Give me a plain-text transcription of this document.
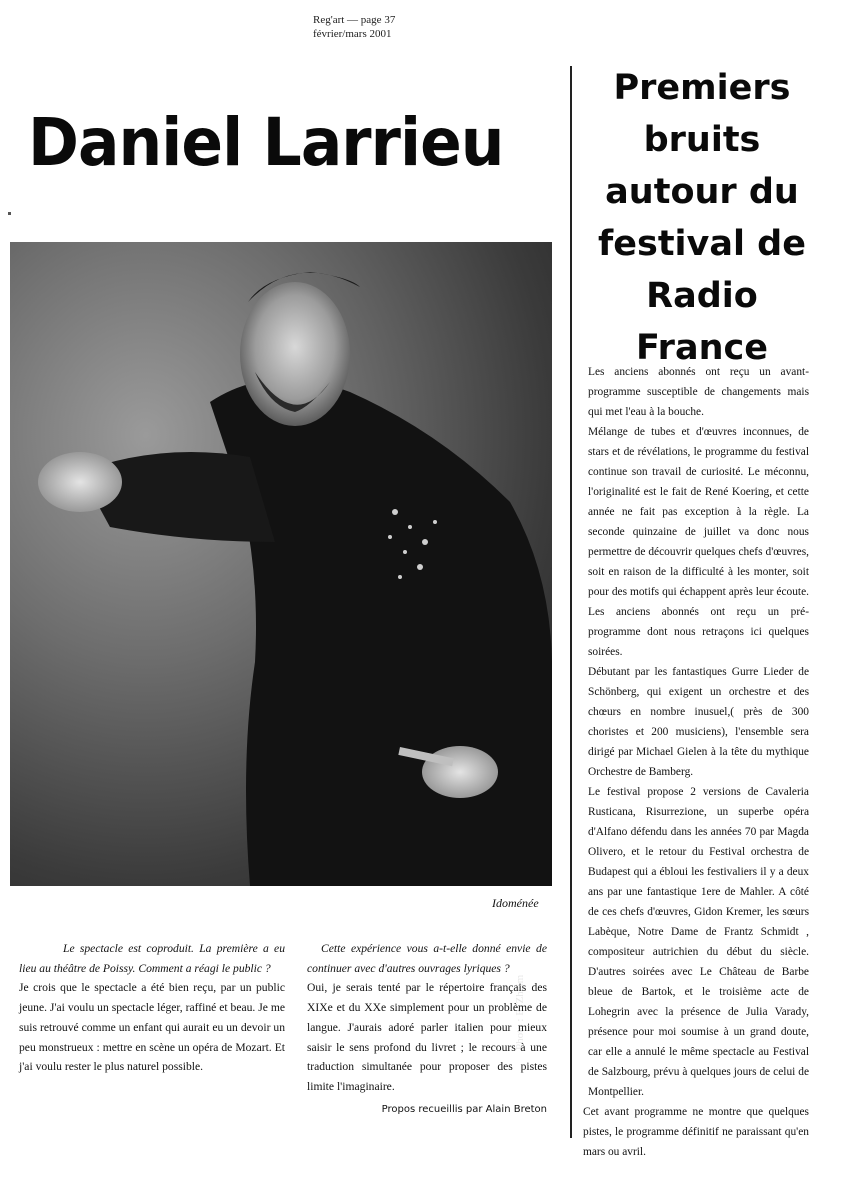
Reg'art — page 37
février/mars 2001
Daniel Larrieu
Photo : E. Zheim
Idoménée
Le spectacle est coproduit. La première a eu lieu au théâtre de Poissy. Comment a réagi le public ?
Je crois que le spectacle a été bien reçu, par un public jeune. J'ai voulu un spectacle léger, raffiné et beau. Je me suis retrouvé comme un enfant qui aurait eu un devoir un peu monstrueux : mettre en scène un opéra de Mozart. Et j'ai voulu rester le plus naturel possible.
Cette expérience vous a-t-elle donné envie de continuer avec d'autres ouvrages lyriques ?
Oui, je serais tenté par le répertoire français des XIXe et du XXe simplement pour un problème de langue. J'aurais adoré parler italien pour mieux saisir le sens profond du livret ; le recours à une traduction simultanée pour proposer des pistes limite l'imaginaire.
Propos recueillis par Alain Breton
Premiers
bruits
autour du
festival de
Radio France

Les anciens abonnés ont reçu un avant-programme susceptible de changements mais qui met l'eau à la bouche.

Mélange de tubes et d'œuvres inconnues, de stars et de révélations, le programme du festival continue son travail de curiosité. Le méconnu, l'originalité est le fait de René Koering, et cette année ne fait pas exception à la règle. La seconde quinzaine de juillet va donc nous permettre de découvrir quelques chefs d'œuvres, soit en raison de la difficulté à les monter, soit pour des motifs qui échappent après leur écoute. Les anciens abonnés ont reçu un pré-programme dont nous retraçons ici quelques soirées.

Débutant par les fantastiques Gurre Lieder de Schönberg, qui exigent un orchestre et des chœurs en nombre inusuel,( près de 300 choristes et 200 musiciens), l'ensemble sera dirigé par Michael Gielen à la tête du mythique Orchestre de Bamberg.

Le festival propose 2 versions de Cavaleria Rusticana, Risurrezione, un superbe opéra d'Alfano défendu dans les années 70 par Magda Olivero, et le retour du Festival orchestra de Budapest qui a ébloui les festivaliers il y a deux ans par une fantastique 1ere de Mahler. A côté de ces chefs d'œuvres, Gidon Kremer, les sœurs Labèque, Notre Dame de Frantz Schmidt , compositeur autrichien du début du siècle. D'autres soirées avec Le Château de Barbe bleue de Bartok, et le troisième acte de Lohegrin avec la présence de Julia Varady, présence pour moi soumise à un grand doute, car elle a annulé le même spectacle au Festival de Salzbourg, prévu à quelques jours de celui de Montpellier.

Cet avant programme ne montre que quelques pistes, le programme définitif ne paraissant qu'en mars ou avril.
